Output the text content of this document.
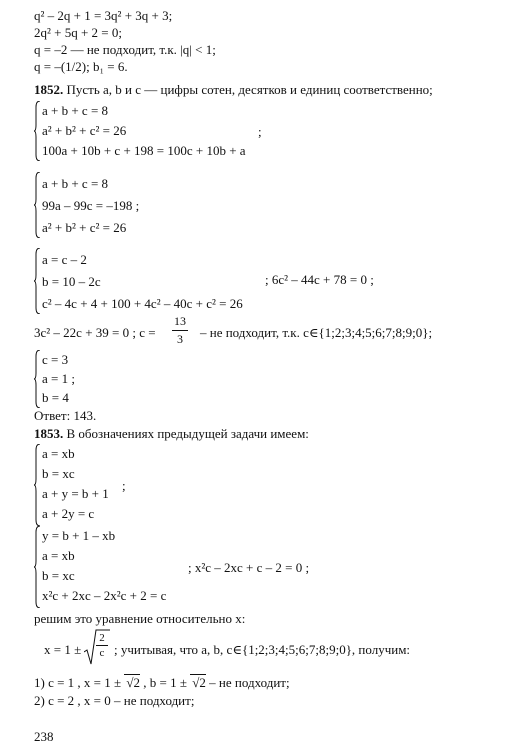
q² – 2q + 1 = 3q² + 3q + 3;
2q² + 5q + 2 = 0;
q = –2 — не подходит, т.к. |q| < 1;
q = –(1/2); b₁ = 6.
1852. Пусть a, b и c — цифры сотен, десятков и единиц соответственно;
a + b + c = 8
a² + b² + c² = 26
100a + 10b + c + 198 = 100c + 10b + a
;
a + b + c = 8
99a – 99c = –198 ;
a² + b² + c² = 26
a = c – 2
b = 10 – 2c
c² – 4c + 4 + 100 + 4c² – 40c + c² = 26
; 6c² – 44c + 78 = 0 ;
3c² – 22c + 39 = 0 ; c =
13
3	– не подходит, т.к. c∈{1;2;3;4;5;6;7;8;9;0};
c = 3
a = 1 ;
b = 4
Ответ: 143.
1853. В обозначениях предыдущей задачи имеем:
a = xb
b = xc
a + y = b + 1
a + 2y = c
;
y = b + 1 – xb
a = xb
b = xc
x²c + 2xc – 2x²c + 2 = c
; x²c – 2xc + c – 2 = 0 ;
решим это уравнение относительно x:
x = 1 ±
2
c ; учитывая, что a, b, c∈{1;2;3;4;5;6;7;8;9;0}, получим:
1) c = 1 , x = 1 ± √2 , b = 1 ± √2 – не подходит;
2) c = 2 , x = 0 – не подходит;
238
